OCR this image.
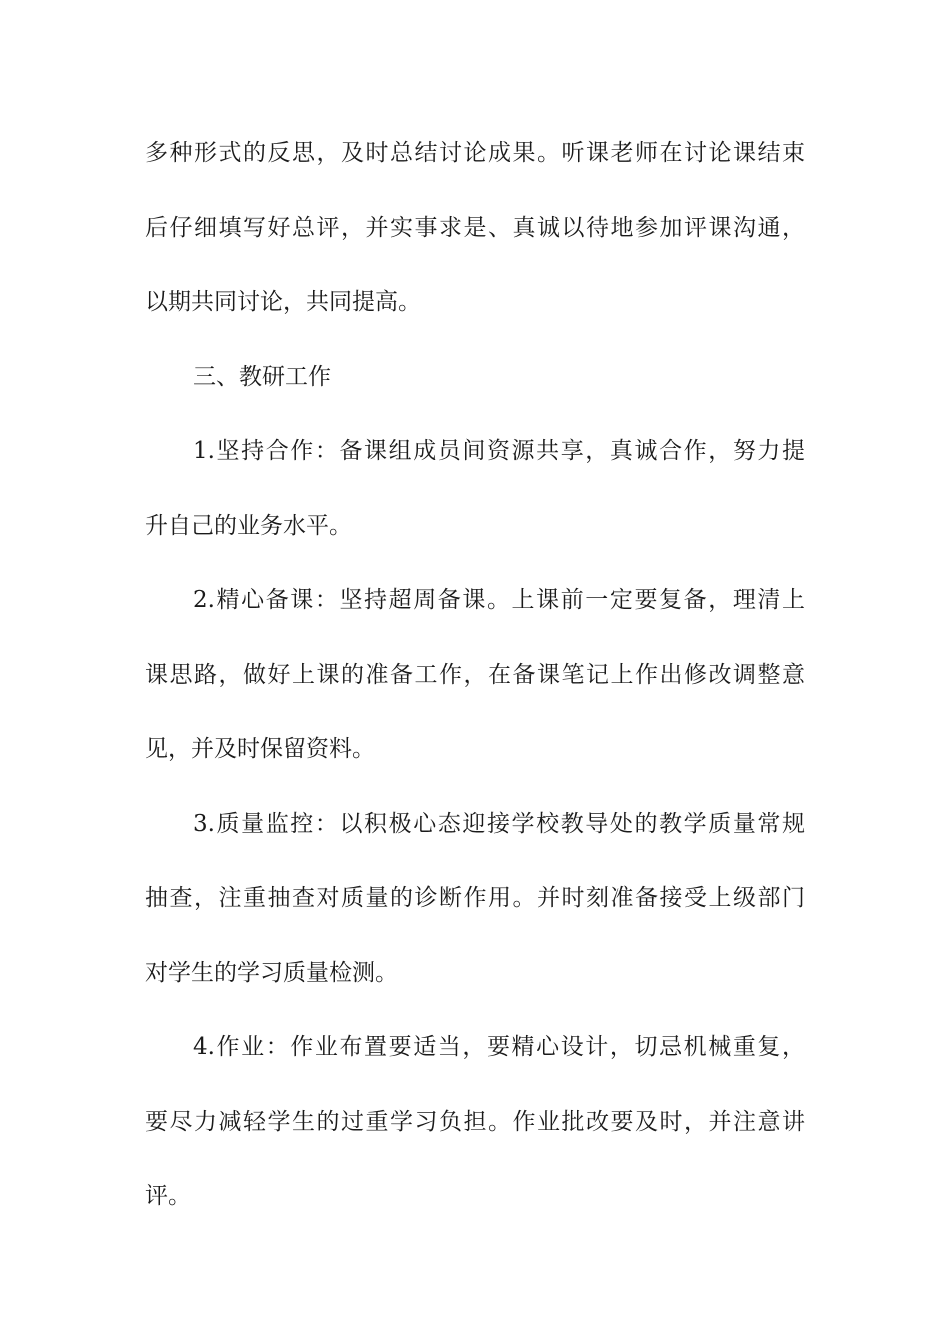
多种形式的反思，及时总结讨论成果。听课老师在讨论课结束
后仔细填写好总评，并实事求是、真诚以待地参加评课沟通，
以期共同讨论，共同提高。
三、教研工作
1.坚持合作：备课组成员间资源共享，真诚合作，努力提
升自己的业务水平。
2.精心备课：坚持超周备课。上课前一定要复备，理清上
课思路，做好上课的准备工作，在备课笔记上作出修改调整意
见，并及时保留资料。
3.质量监控：以积极心态迎接学校教导处的教学质量常规
抽查，注重抽查对质量的诊断作用。并时刻准备接受上级部门
对学生的学习质量检测。
4.作业：作业布置要适当，要精心设计，切忌机械重复，
要尽力减轻学生的过重学习负担。作业批改要及时，并注意讲
评。
